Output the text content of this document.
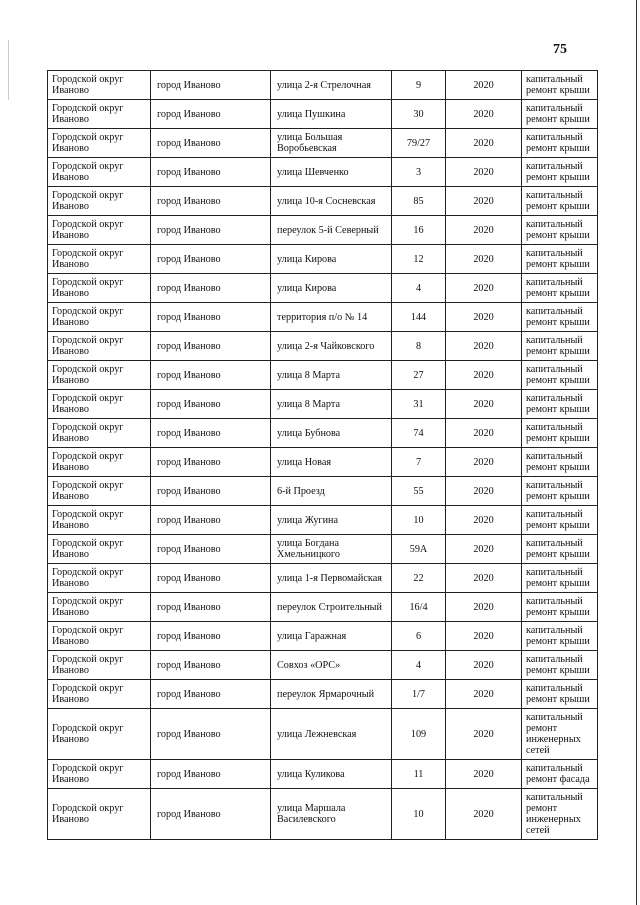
75
Городской округ Иваново	город Иваново	улица 2-я Стрелочная	9	2020	капитальный ремонт крыши
Городской округ Иваново	город Иваново	улица Пушкина	30	2020	капитальный ремонт крыши
Городской округ Иваново	город Иваново	улица Большая Воробьевская	79/27	2020	капитальный ремонт крыши
Городской округ Иваново	город Иваново	улица Шевченко	3	2020	капитальный ремонт крыши
Городской округ Иваново	город Иваново	улица 10-я Сосневская	85	2020	капитальный ремонт крыши
Городской округ Иваново	город Иваново	переулок 5-й Северный	16	2020	капитальный ремонт крыши
Городской округ Иваново	город Иваново	улица Кирова	12	2020	капитальный ремонт крыши
Городской округ Иваново	город Иваново	улица Кирова	4	2020	капитальный ремонт крыши
Городской округ Иваново	город Иваново	территория п/о № 14	144	2020	капитальный ремонт крыши
Городской округ Иваново	город Иваново	улица 2-я Чайковского	8	2020	капитальный ремонт крыши
Городской округ Иваново	город Иваново	улица 8 Марта	27	2020	капитальный ремонт крыши
Городской округ Иваново	город Иваново	улица 8 Марта	31	2020	капитальный ремонт крыши
Городской округ Иваново	город Иваново	улица Бубнова	74	2020	капитальный ремонт крыши
Городской округ Иваново	город Иваново	улица Новая	7	2020	капитальный ремонт крыши
Городской округ Иваново	город Иваново	6-й Проезд	55	2020	капитальный ремонт крыши
Городской округ Иваново	город Иваново	улица Жугина	10	2020	капитальный ремонт крыши
Городской округ Иваново	город Иваново	улица Богдана Хмельницкого	59А	2020	капитальный ремонт крыши
Городской округ Иваново	город Иваново	улица 1-я Первомайская	22	2020	капитальный ремонт крыши
Городской округ Иваново	город Иваново	переулок Строительный	16/4	2020	капитальный ремонт крыши
Городской округ Иваново	город Иваново	улица Гаражная	6	2020	капитальный ремонт крыши
Городской округ Иваново	город Иваново	Совхоз «ОРС»	4	2020	капитальный ремонт крыши
Городской округ Иваново	город Иваново	переулок Ярмарочный	1/7	2020	капитальный ремонт крыши
Городской округ Иваново	город Иваново	улица Лежневская	109	2020	капитальный ремонт инженерных сетей
Городской округ Иваново	город Иваново	улица Куликова	11	2020	капитальный ремонт фасада
Городской округ Иваново	город Иваново	улица Маршала Василевского	10	2020	капитальный ремонт инженерных сетей
